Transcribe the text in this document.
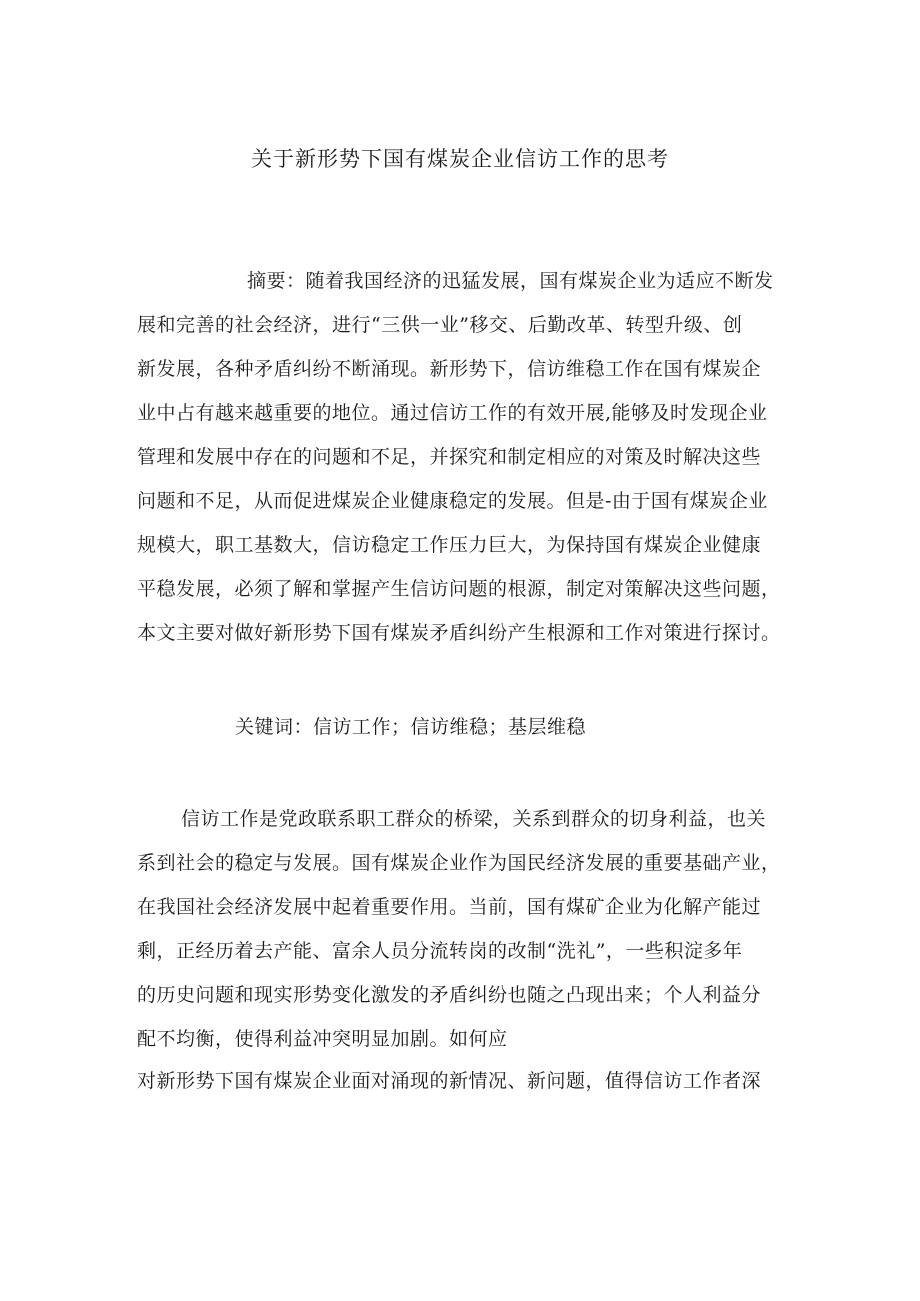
关于新形势下国有煤炭企业信访工作的思考
摘要：随着我国经济的迅猛发展，国有煤炭企业为适应不断发
展和完善的社会经济，进行“三供一业”移交、后勤改革、转型升级、创
新发展，各种矛盾纠纷不断涌现。新形势下，信访维稳工作在国有煤炭企
业中占有越来越重要的地位。通过信访工作的有效开展,能够及时发现企业
管理和发展中存在的问题和不足，并探究和制定相应的对策及时解决这些
问题和不足，从而促进煤炭企业健康稳定的发展。但是-由于国有煤炭企业
规模大，职工基数大，信访稳定工作压力巨大，为保持国有煤炭企业健康
平稳发展，必须了解和掌握产生信访问题的根源，制定对策解决这些问题，
本文主要对做好新形势下国有煤炭矛盾纠纷产生根源和工作对策进行探讨。
关键词：信访工作；信访维稳；基层维稳
信访工作是党政联系职工群众的桥梁，关系到群众的切身利益，也关
系到社会的稳定与发展。国有煤炭企业作为国民经济发展的重要基础产业，
在我国社会经济发展中起着重要作用。当前，国有煤矿企业为化解产能过
剩，正经历着去产能、富余人员分流转岗的改制“洗礼”，一些积淀多年
的历史问题和现实形势变化激发的矛盾纠纷也随之凸现出来；个人利益分
配不均衡，使得利益冲突明显加剧。如何应
对新形势下国有煤炭企业面对涌现的新情况、新问题，值得信访工作者深
